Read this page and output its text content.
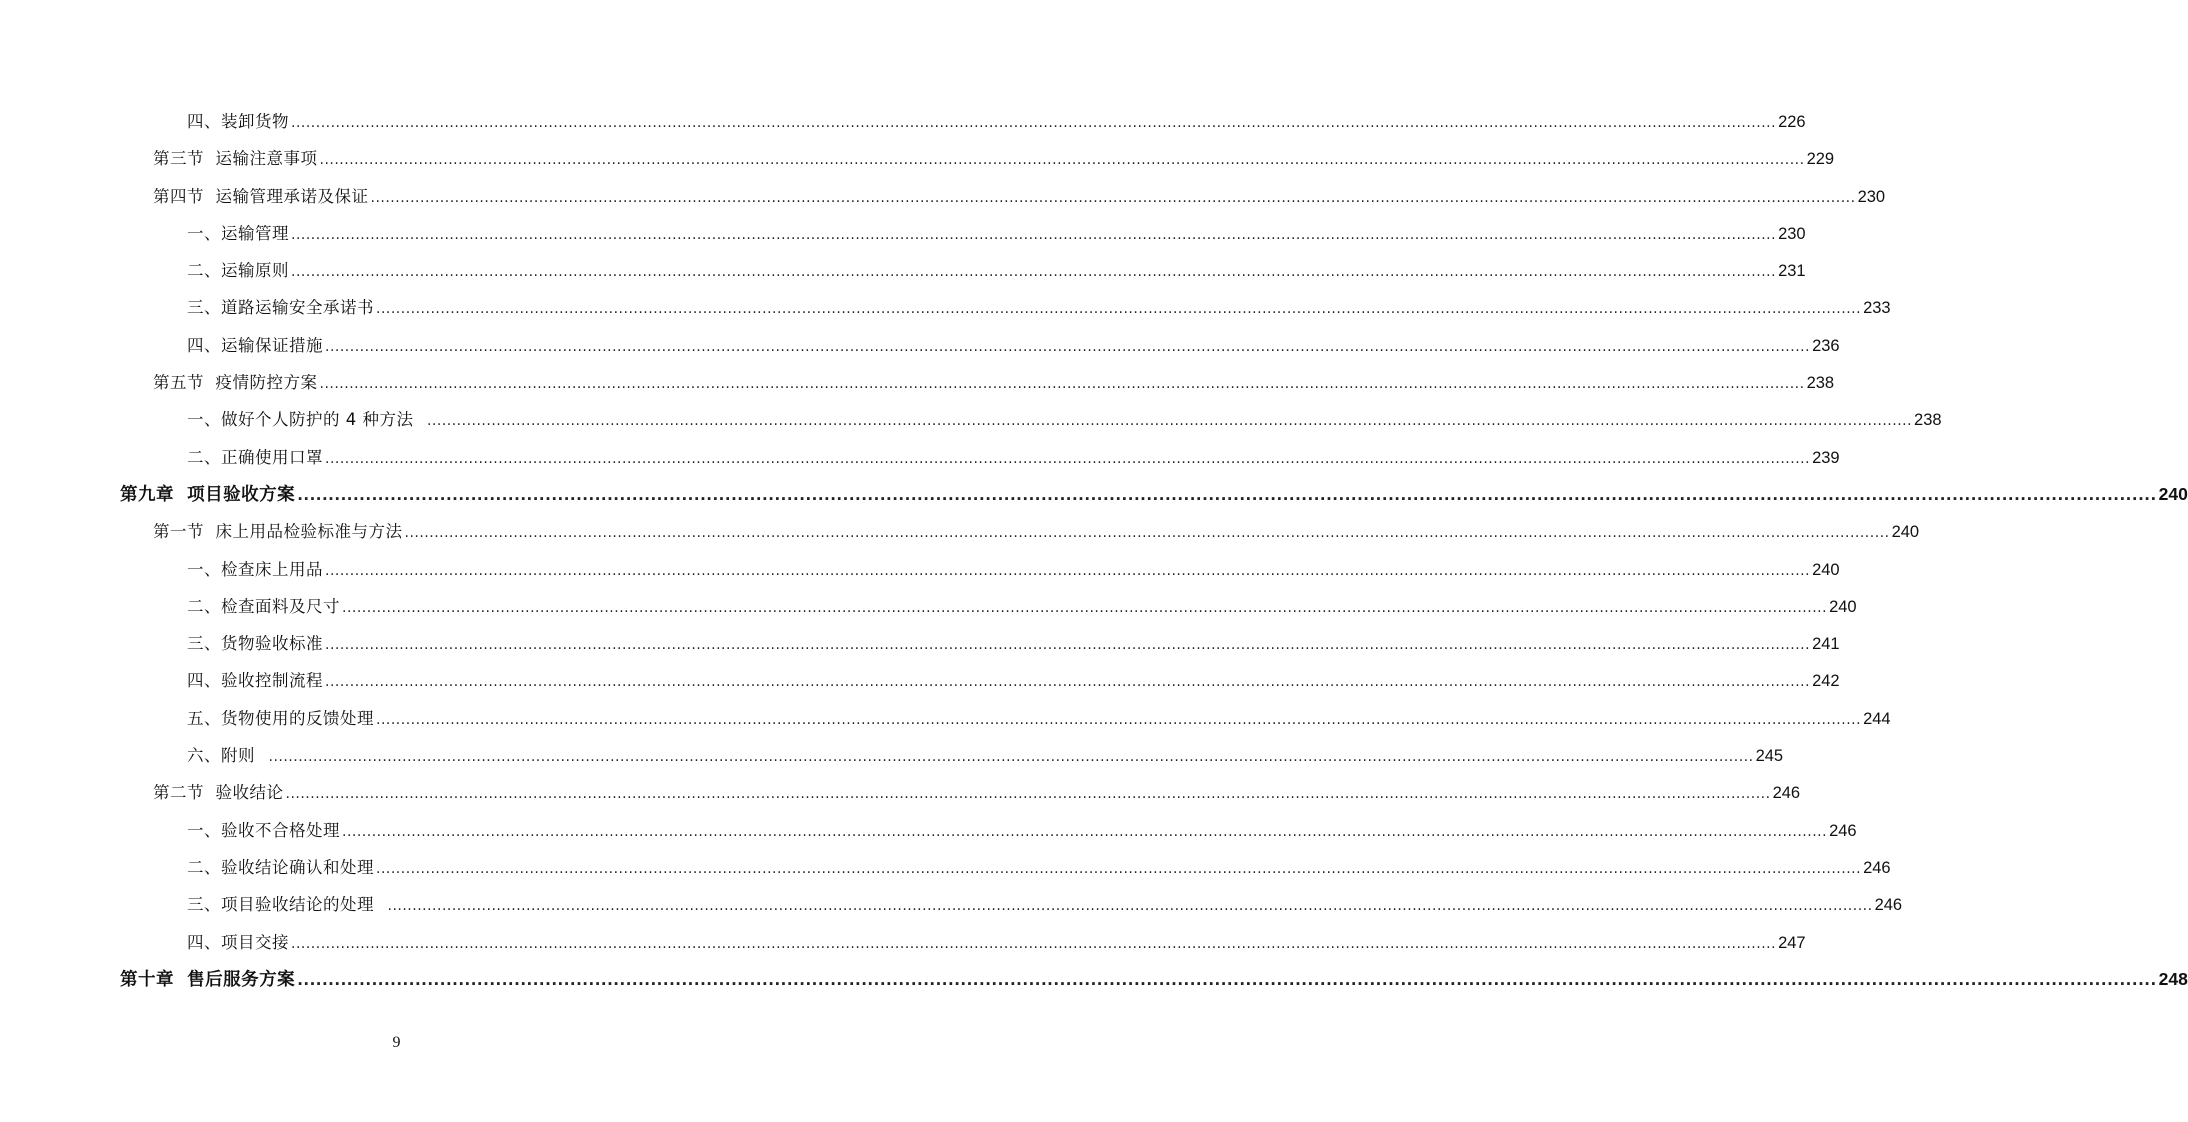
四、装卸货物 ............................................................................................................................................................................................................................................................................................................ 226
第三节  运输注意事项 ............................................................................................................................................................................................................................................................................................................ 229
第四节  运输管理承诺及保证 ............................................................................................................................................................................................................................................................................................................ 230
一、运输管理 ............................................................................................................................................................................................................................................................................................................ 230
二、运输原则 ............................................................................................................................................................................................................................................................................................................ 231
三、道路运输安全承诺书 ............................................................................................................................................................................................................................................................................................................ 233
四、运输保证措施 ............................................................................................................................................................................................................................................................................................................ 236
第五节  疫情防控方案 ............................................................................................................................................................................................................................................................................................................ 238
一、做好个人防护的 4 种方法 ............................................................................................................................................................................................................................................................................................................ 238
二、正确使用口罩 ............................................................................................................................................................................................................................................................................................................ 239
第九章  项目验收方案 ............................................................................................................................................................................................................................................................................................................ 240
第一节  床上用品检验标准与方法 ............................................................................................................................................................................................................................................................................................................ 240
一、检查床上用品 ............................................................................................................................................................................................................................................................................................................ 240
二、检查面料及尺寸 ............................................................................................................................................................................................................................................................................................................ 240
三、货物验收标准 ............................................................................................................................................................................................................................................................................................................ 241
四、验收控制流程 ............................................................................................................................................................................................................................................................................................................ 242
五、货物使用的反馈处理 ............................................................................................................................................................................................................................................................................................................ 244
六、附则 ............................................................................................................................................................................................................................................................................................................ 245
第二节  验收结论 ............................................................................................................................................................................................................................................................................................................ 246
一、验收不合格处理 ............................................................................................................................................................................................................................................................................................................ 246
二、验收结论确认和处理 ............................................................................................................................................................................................................................................................................................................ 246
三、项目验收结论的处理 ............................................................................................................................................................................................................................................................................................................ 246
四、项目交接 ............................................................................................................................................................................................................................................................................................................ 247
第十章  售后服务方案 ............................................................................................................................................................................................................................................................................................................ 248
9
